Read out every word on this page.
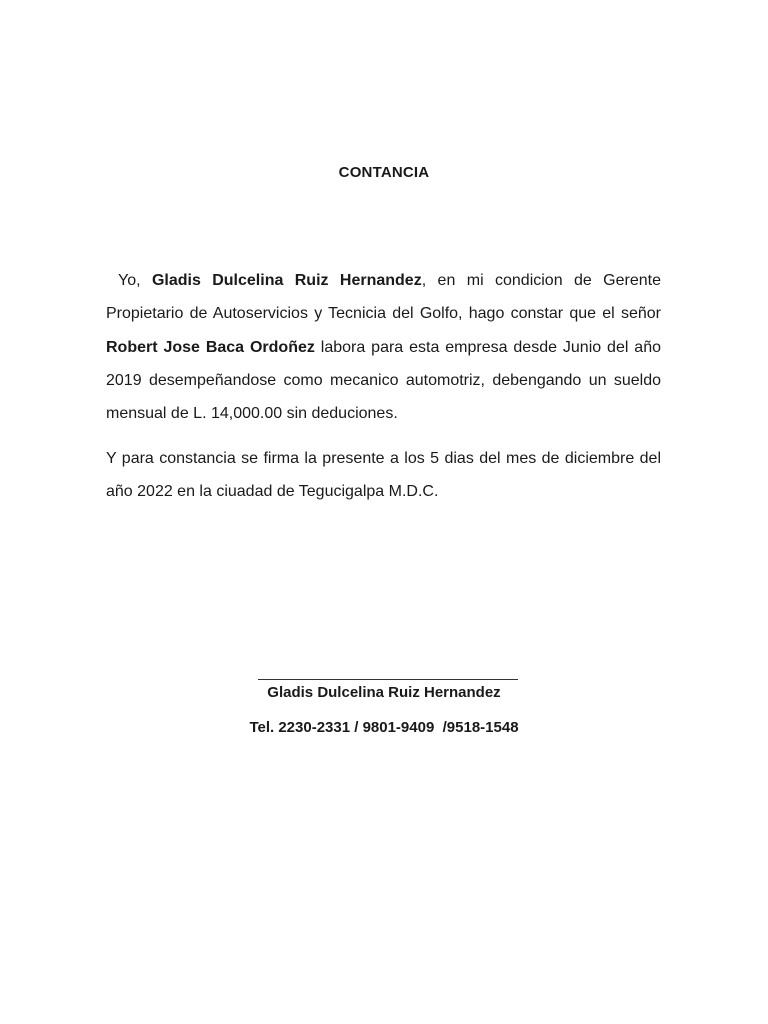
CONTANCIA
Yo, Gladis Dulcelina Ruiz Hernandez, en mi condicion de Gerente Propietario de Autoservicios y Tecnicia del Golfo, hago constar que el señor Robert Jose Baca Ordoñez labora para esta empresa desde Junio del año 2019 desempeñandose como mecanico automotriz, debengando un sueldo mensual de L. 14,000.00 sin deduciones.
Y para constancia se firma la presente a los 5 dias del mes de diciembre del año 2022 en la ciuadad de Tegucigalpa M.D.C.
Gladis Dulcelina Ruiz Hernandez
Tel. 2230-2331 / 9801-9409  /9518-1548
